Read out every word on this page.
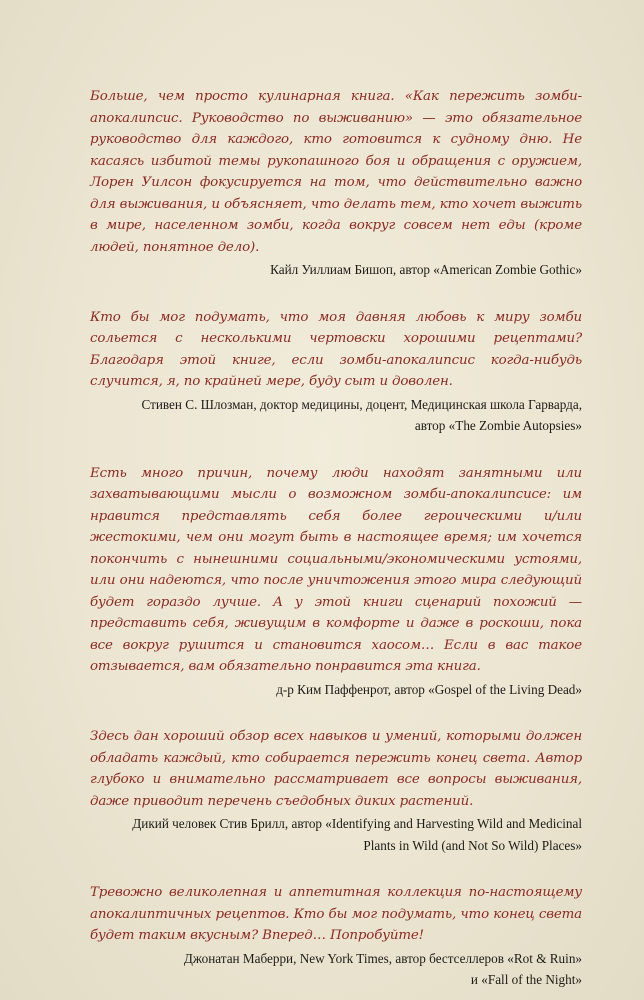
Больше, чем просто кулинарная книга. «Как пережить зомби-апокалипсис. Руководство по выживанию» — это обязательное руководство для каждого, кто готовится к судному дню. Не касаясь избитой темы рукопашного боя и обращения с оружием, Лорен Уилсон фокусируется на том, что действительно важно для выживания, и объясняет, что делать тем, кто хочет выжить в мире, населенном зомби, когда вокруг совсем нет еды (кроме людей, понятное дело).

Кайл Уиллиам Бишоп, автор «American Zombie Gothic»

Кто бы мог подумать, что моя давняя любовь к миру зомби сольется с несколькими чертовски хорошими рецептами? Благодаря этой книге, если зомби-апокалипсис когда-нибудь случится, я, по крайней мере, буду сыт и доволен.

Стивен С. Шлозман, доктор медицины, доцент, Медицинская школа Гарварда,
автор «The Zombie Autopsies»

Есть много причин, почему люди находят занятными или захватывающими мысли о возможном зомби-апокалипсисе: им нравится представлять себя более героическими и/или жестокими, чем они могут быть в настоящее время; им хочется покончить с нынешними социальными/экономическими устоями, или они надеются, что после уничтожения этого мира следующий будет гораздо лучше. А у этой книги сценарий похожий — представить себя, живущим в комфорте и даже в роскоши, пока все вокруг рушится и становится хаосом… Если в вас такое отзывается, вам обязательно понравится эта книга.

д-р Ким Паффенрот, автор «Gospel of the Living Dead»

Здесь дан хороший обзор всех навыков и умений, которыми должен обладать каждый, кто собирается пережить конец света. Автор глубоко и внимательно рассматривает все вопросы выживания, даже приводит перечень съедобных диких растений.

Дикий человек Стив Брилл, автор «Identifying and Harvesting Wild and Medicinal
Plants in Wild (and Not So Wild) Places»

Тревожно великолепная и аппетитная коллекция по-настоящему апокалиптичных рецептов. Кто бы мог подумать, что конец света будет таким вкусным? Вперед… Попробуйте!

Джонатан Маберри, New York Times, автор бестселлеров «Rot & Ruin»
и «Fall of the Night»
